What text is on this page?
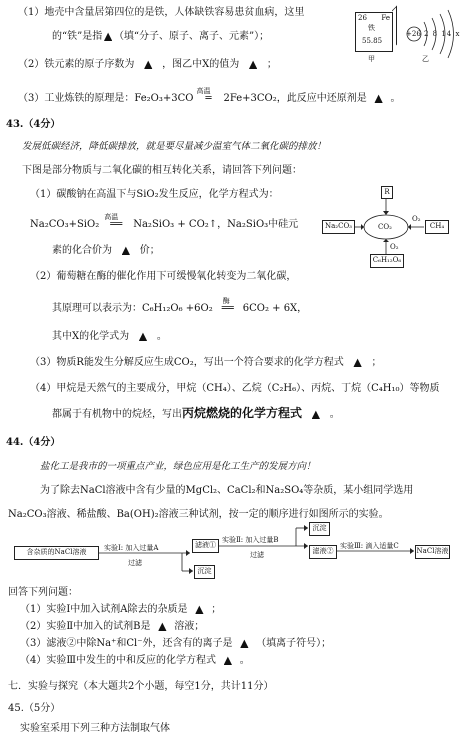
（1）地壳中含量居第四位的是铁，人体缺铁容易患贫血病，这里
的“铁”是指 ▲ （填“分子、原子、离子、元素”）；
（2）铁元素的原子序数为 ▲ ，图乙中X的值为 ▲ ；
（3）工业炼铁的原理是：Fe₂O₃+3CO
高温
═ 2Fe+3CO₂，此反应中还原剂是 ▲ 。
26 Fe
铁
55.85
甲
+26 2 8 14 x
乙
43.（4分）
发展低碳经济，降低碳排放，就是要尽量减少温室气体二氧化碳的排放！
下图是部分物质与二氧化碳的相互转化关系，请回答下列问题：
（1）碳酸钠在高温下与SiO₂发生反应，化学方程式为：
Na₂CO₃+SiO₂
高温
══ Na₂SiO₃ + CO₂↑，Na₂SiO₃中硅元
素的化合价为 ▲ 价；
（2）葡萄糖在酶的催化作用下可缓慢氧化转变为二氧化碳，
其原理可以表示为：C₆H₁₂O₆ +6O₂
酶
══ 6CO₂ + 6X，
其中X的化学式为 ▲ 。
（3）物质R能发生分解反应生成CO₂，写出一个符合要求的化学方程式 ▲ ；
（4）甲烷是天然气的主要成分，甲烷（CH₄）、乙烷（C₂H₆）、丙烷、丁烷（C₄H₁₀）等物质
都属于有机物中的烷烃，写出丙烷燃烧的化学方程式 ▲ 。
R
Na₂CO₃	CO₂	CH₄
C₆H₁₂O₆
O₂
O₂
44.（4分）
盐化工是我市的一项重点产业，绿色应用是化工生产的发展方向！
为了除去NaCl溶液中含有少量的MgCl₂、CaCl₂和Na₂SO₄等杂质，某小组同学选用
Na₂CO₃溶液、稀盐酸、Ba(OH)₂溶液三种试剂，按一定的顺序进行如图所示的实验。
含杂质的NaCl溶液	实验Ⅰ: 加入过量A
过滤
滤液①
沉淀
实验Ⅱ: 加入过量B
过滤
沉淀
滤液②
实验Ⅲ: 滴入适量C
NaCl溶液
回答下列问题：
（1）实验Ⅰ中加入试剂A除去的杂质是 ▲ ；
（2）实验Ⅱ中加入的试剂B是 ▲ 溶液；
（3）滤液②中除Na⁺和Cl⁻外，还含有的离子是 ▲ （填离子符号）；
（4）实验Ⅲ中发生的中和反应的化学方程式 ▲ 。
七．实验与探究（本大题共2个小题，每空1分，共计11分）
45.（5分）
实验室采用下列三种方法制取气体
